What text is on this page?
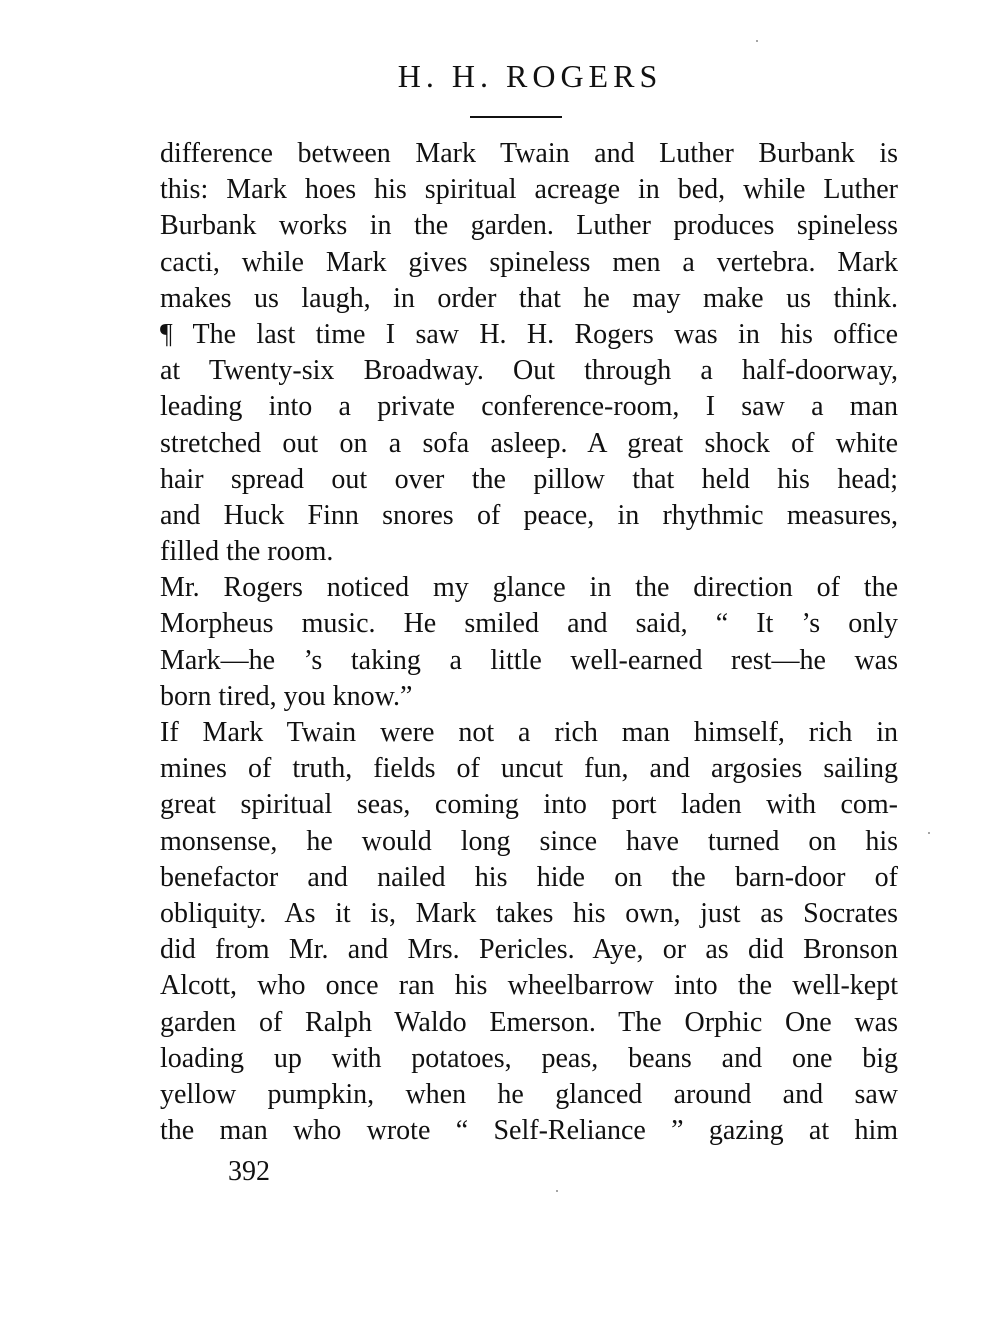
H. H. ROGERS
difference between Mark Twain and Luther Burbank is
this: Mark hoes his spiritual acreage in bed, while Luther
Burbank works in the garden. Luther produces spineless
cacti, while Mark gives spineless men a vertebra. Mark
makes us laugh, in order that he may make us think.
¶ The last time I saw H. H. Rogers was in his office
at Twenty-six Broadway. Out through a half-doorway,
leading into a private conference-room, I saw a man
stretched out on a sofa asleep. A great shock of white
hair spread out over the pillow that held his head;
and Huck Finn snores of peace, in rhythmic measures,
filled the room.
Mr. Rogers noticed my glance in the direction of the
Morpheus music. He smiled and said, “ It ’s only
Mark—he ’s taking a little well-earned rest—he was
born tired, you know.”
If Mark Twain were not a rich man himself, rich in
mines of truth, fields of uncut fun, and argosies sailing
great spiritual seas, coming into port laden with com-
monsense, he would long since have turned on his
benefactor and nailed his hide on the barn-door of
obliquity. As it is, Mark takes his own, just as Socrates
did from Mr. and Mrs. Pericles. Aye, or as did Bronson
Alcott, who once ran his wheelbarrow into the well-kept
garden of Ralph Waldo Emerson. The Orphic One was
loading up with potatoes, peas, beans and one big
yellow pumpkin, when he glanced around and saw
the man who wrote “ Self-Reliance ” gazing at him
392
